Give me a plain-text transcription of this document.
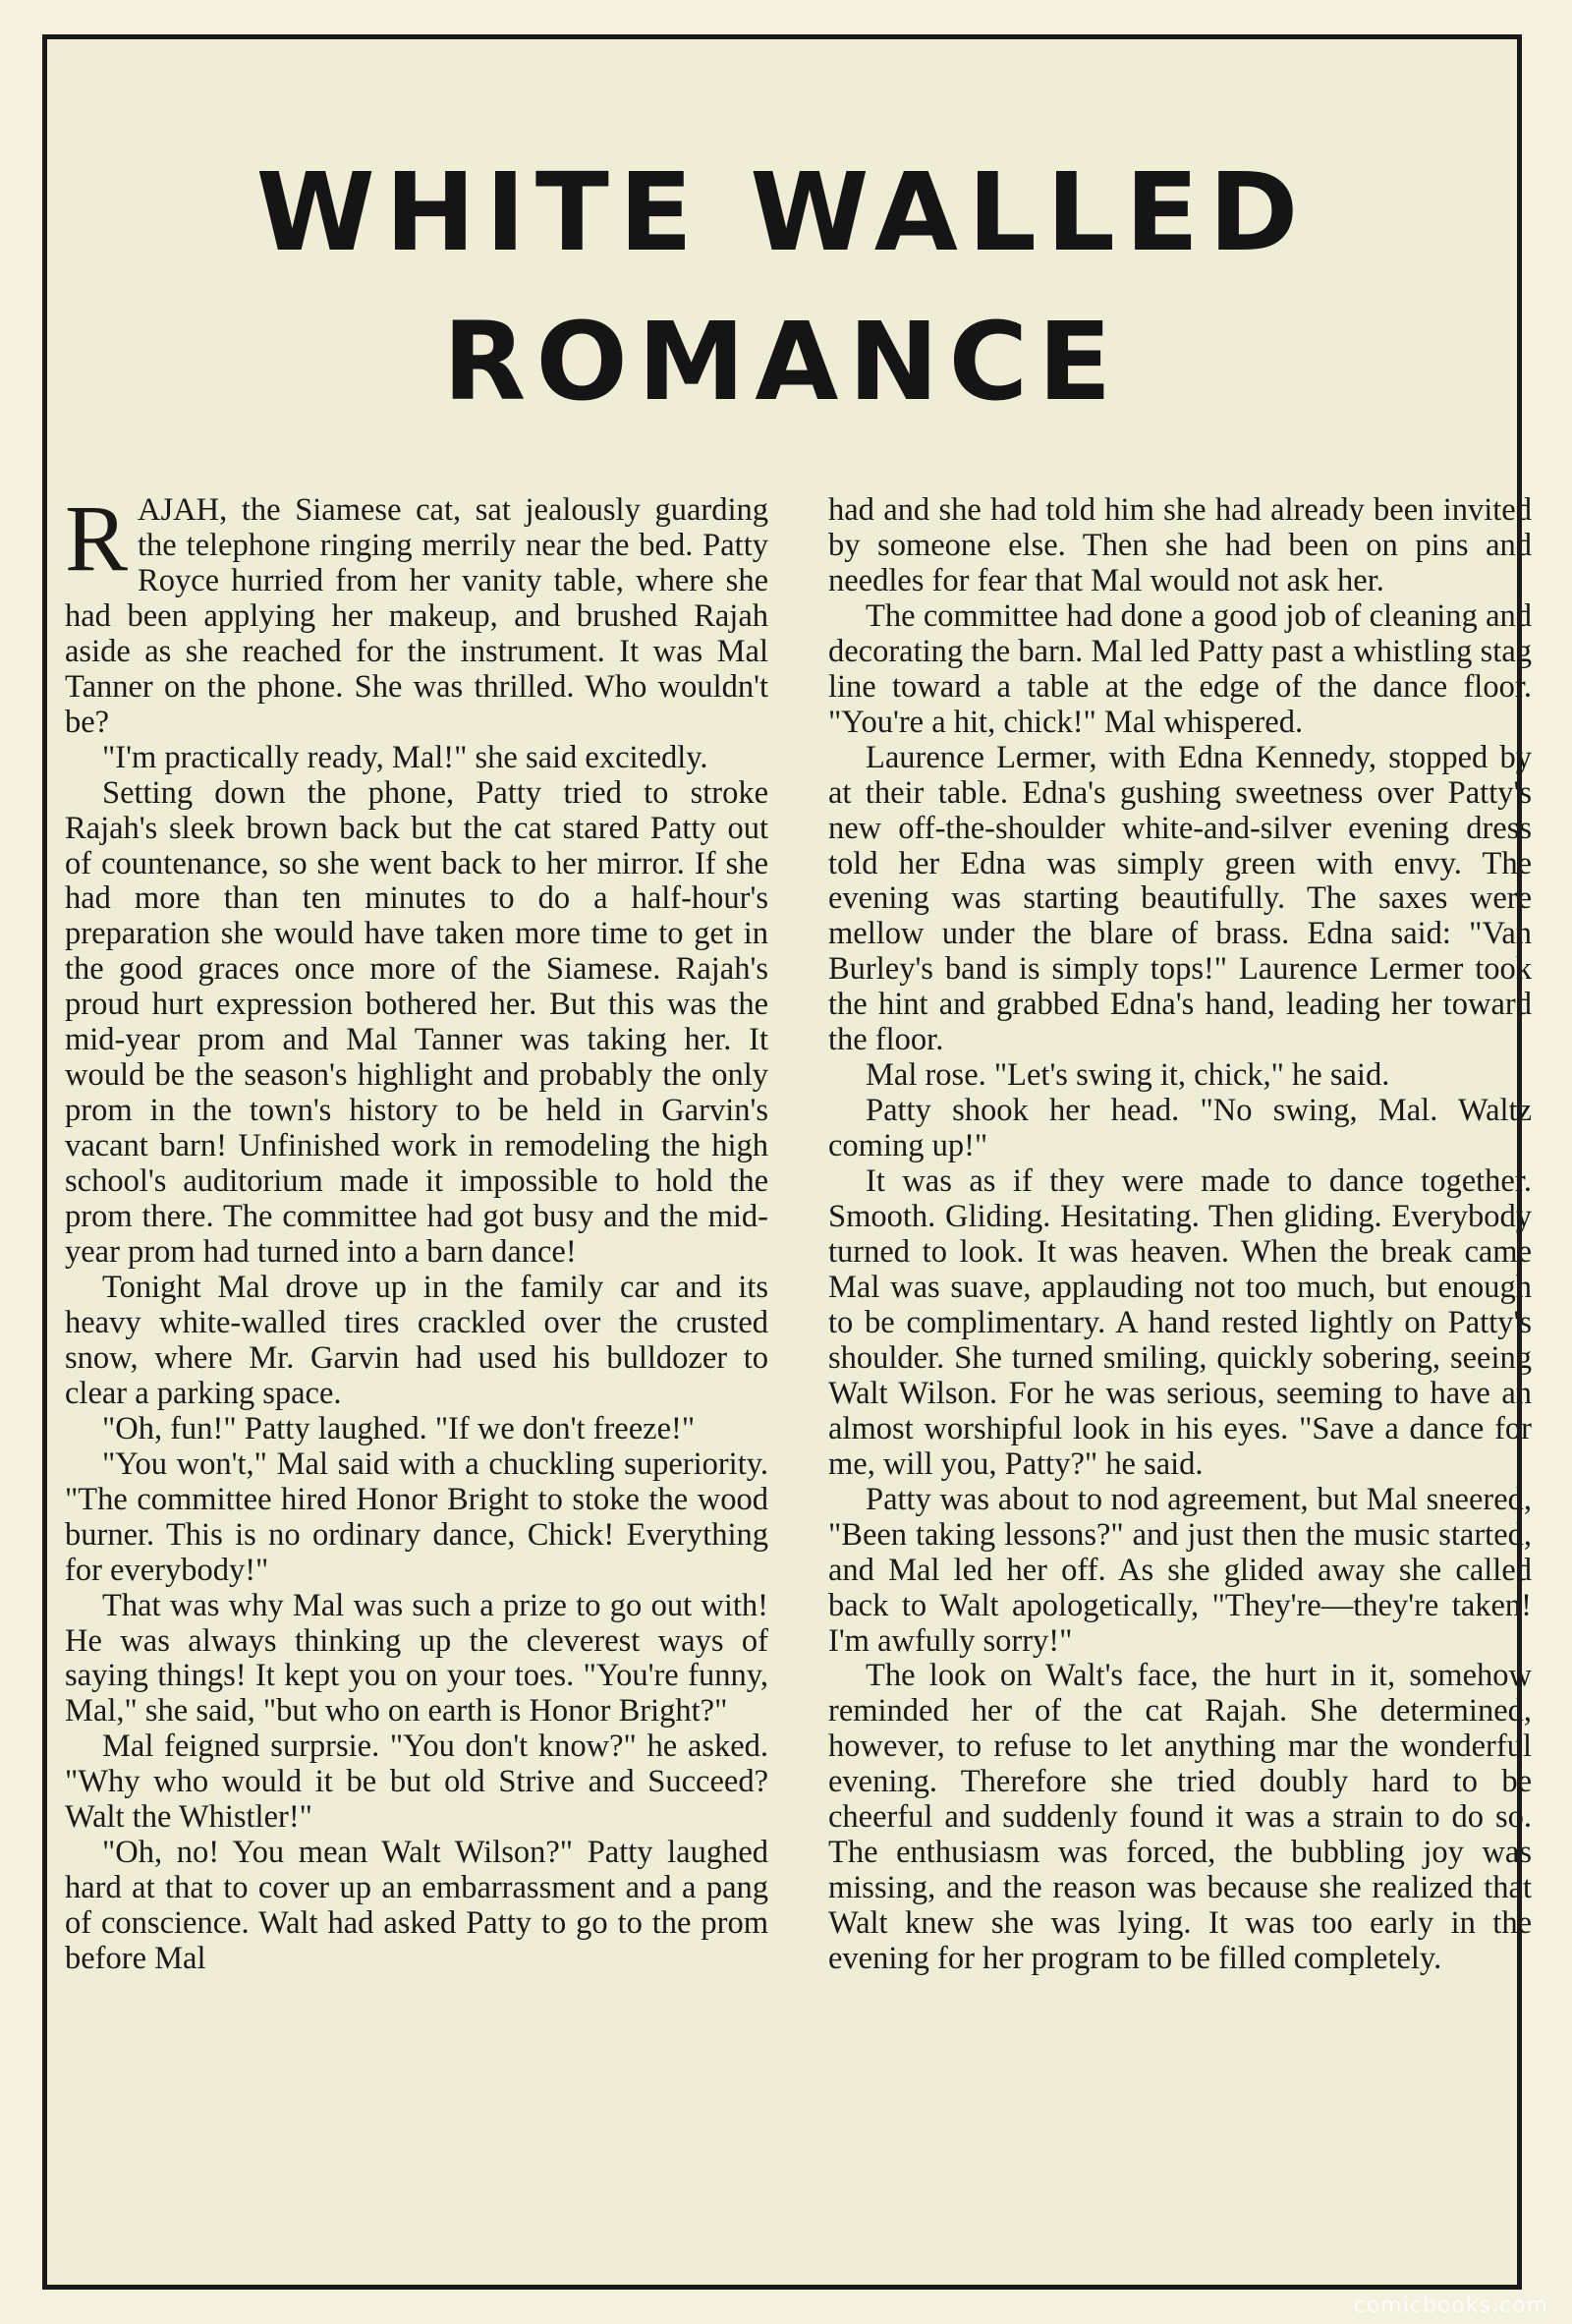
WHITE WALLED
ROMANCE

RAJAH, the Siamese cat, sat jealously guarding the telephone ringing merrily near the bed. Patty Royce hurried from her vanity table, where she had been applying her makeup, and brushed Rajah aside as she reached for the instrument. It was Mal Tanner on the phone. She was thrilled. Who wouldn't be?

"I'm practically ready, Mal!" she said excitedly.

Setting down the phone, Patty tried to stroke Rajah's sleek brown back but the cat stared Patty out of countenance, so she went back to her mirror. If she had more than ten minutes to do a half-hour's preparation she would have taken more time to get in the good graces once more of the Siamese. Rajah's proud hurt expression bothered her. But this was the mid-year prom and Mal Tanner was taking her. It would be the season's highlight and probably the only prom in the town's history to be held in Garvin's vacant barn! Unfinished work in remodeling the high school's auditorium made it impossible to hold the prom there. The committee had got busy and the mid-year prom had turned into a barn dance!

Tonight Mal drove up in the family car and its heavy white-walled tires crackled over the crusted snow, where Mr. Garvin had used his bulldozer to clear a parking space.

"Oh, fun!" Patty laughed. "If we don't freeze!"

"You won't," Mal said with a chuckling superiority. "The committee hired Honor Bright to stoke the wood burner. This is no ordinary dance, Chick! Everything for everybody!"

That was why Mal was such a prize to go out with! He was always thinking up the cleverest ways of saying things! It kept you on your toes. "You're funny, Mal," she said, "but who on earth is Honor Bright?"

Mal feigned surprsie. "You don't know?" he asked. "Why who would it be but old Strive and Succeed? Walt the Whistler!"

"Oh, no! You mean Walt Wilson?" Patty laughed hard at that to cover up an embarrassment and a pang of conscience. Walt had asked Patty to go to the prom before Mal

had and she had told him she had already been invited by someone else. Then she had been on pins and needles for fear that Mal would not ask her.

The committee had done a good job of cleaning and decorating the barn. Mal led Patty past a whistling stag line toward a table at the edge of the dance floor. "You're a hit, chick!" Mal whispered.

Laurence Lermer, with Edna Kennedy, stopped by at their table. Edna's gushing sweetness over Patty's new off-the-shoulder white-and-silver evening dress told her Edna was simply green with envy. The evening was starting beautifully. The saxes were mellow under the blare of brass. Edna said: "Van Burley's band is simply tops!" Laurence Lermer took the hint and grabbed Edna's hand, leading her toward the floor.

Mal rose. "Let's swing it, chick," he said.

Patty shook her head. "No swing, Mal. Waltz coming up!"

It was as if they were made to dance together. Smooth. Gliding. Hesitating. Then gliding. Everybody turned to look. It was heaven. When the break came Mal was suave, applauding not too much, but enough to be complimentary. A hand rested lightly on Patty's shoulder. She turned smiling, quickly sobering, seeing Walt Wilson. For he was serious, seeming to have an almost worshipful look in his eyes. "Save a dance for me, will you, Patty?" he said.

Patty was about to nod agreement, but Mal sneered, "Been taking lessons?" and just then the music started, and Mal led her off. As she glided away she called back to Walt apologetically, "They're—they're taken! I'm awfully sorry!"

The look on Walt's face, the hurt in it, somehow reminded her of the cat Rajah. She determined, however, to refuse to let anything mar the wonderful evening. Therefore she tried doubly hard to be cheerful and suddenly found it was a strain to do so. The enthusiasm was forced, the bubbling joy was missing, and the reason was because she realized that Walt knew she was lying. It was too early in the evening for her program to be filled completely.

comicbooks.com
